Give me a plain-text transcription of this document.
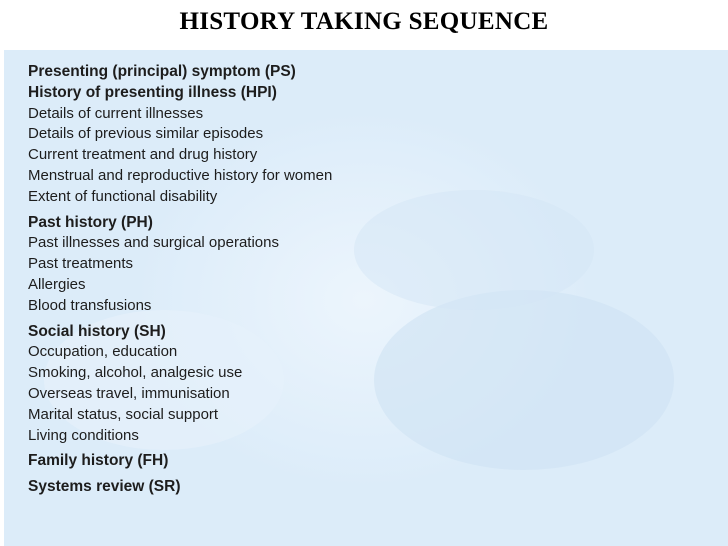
HISTORY TAKING SEQUENCE
Presenting (principal) symptom (PS)
History of presenting illness (HPI)
Details of current illnesses
Details of previous similar episodes
Current treatment and drug history
Menstrual and reproductive history for women
Extent of functional disability
Past history (PH)
Past illnesses and surgical operations
Past treatments
Allergies
Blood transfusions
Social history (SH)
Occupation, education
Smoking, alcohol, analgesic use
Overseas travel, immunisation
Marital status, social support
Living conditions
Family history (FH)
Systems review (SR)
